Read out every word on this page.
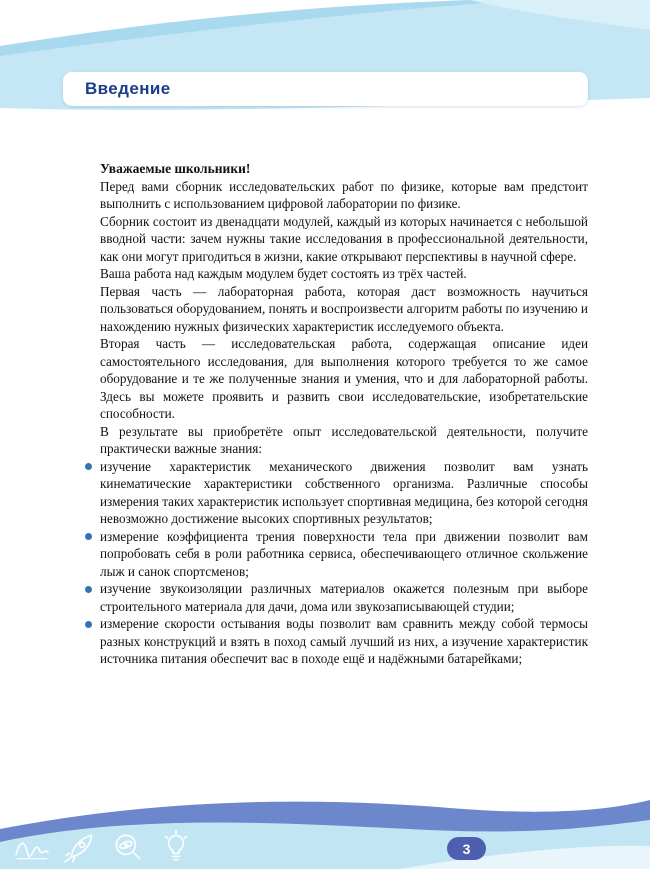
Введение

Уважаемые школьники!

Перед вами сборник исследовательских работ по физике, которые вам предстоит выполнить с использованием цифровой лаборатории по физике.

Сборник состоит из двенадцати модулей, каждый из которых начинается с небольшой вводной части: зачем нужны такие исследования в профессиональной деятельности, как они могут пригодиться в жизни, какие открывают перспективы в научной сфере.

Ваша работа над каждым модулем будет состоять из трёх частей.

Первая часть — лабораторная работа, которая даст возможность научиться пользоваться оборудованием, понять и воспроизвести алгоритм работы по изучению и нахождению нужных физических характеристик исследуемого объекта.

Вторая часть — исследовательская работа, содержащая описание идеи самостоятельного исследования, для выполнения которого требуется то же самое оборудование и те же полученные знания и умения, что и для лабораторной работы. Здесь вы можете проявить и развить свои исследовательские, изобретательские способности.

В результате вы приобретёте опыт исследовательской деятельности, получите практически важные знания:

изучение характеристик механического движения позволит вам узнать кинематические характеристики собственного организма. Различные способы измерения таких характеристик использует спортивная медицина, без которой сегодня невозможно достижение высоких спортивных результатов;
измерение коэффициента трения поверхности тела при движении позволит вам попробовать себя в роли работника сервиса, обеспечивающего отличное скольжение лыж и санок спортсменов;
изучение звукоизоляции различных материалов окажется полезным при выборе строительного материала для дачи, дома или звукозаписывающей студии;
измерение скорости остывания воды позволит вам сравнить между собой термосы разных конструкций и взять в поход самый лучший из них, а изучение характеристик источника питания обеспечит вас в походе ещё и надёжными батарейками;
3
